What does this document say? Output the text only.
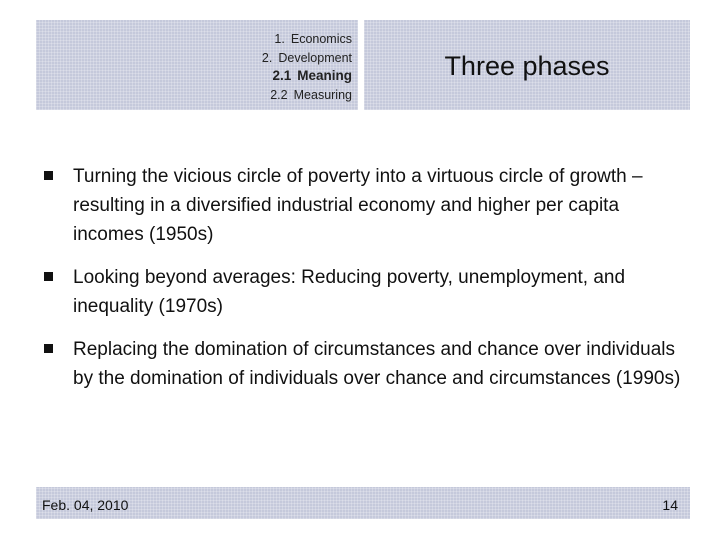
1. Economics
2. Development
2.1 Meaning
2.2 Measuring
Three phases
Turning the vicious circle of poverty into a virtuous circle of growth – resulting in a diversified industrial economy and higher per capita incomes (1950s)
Looking beyond averages: Reducing poverty, unemployment, and inequality (1970s)
Replacing the domination of circumstances and chance over individuals by the domination of individuals over chance and circumstances (1990s)
Feb. 04, 2010	14
